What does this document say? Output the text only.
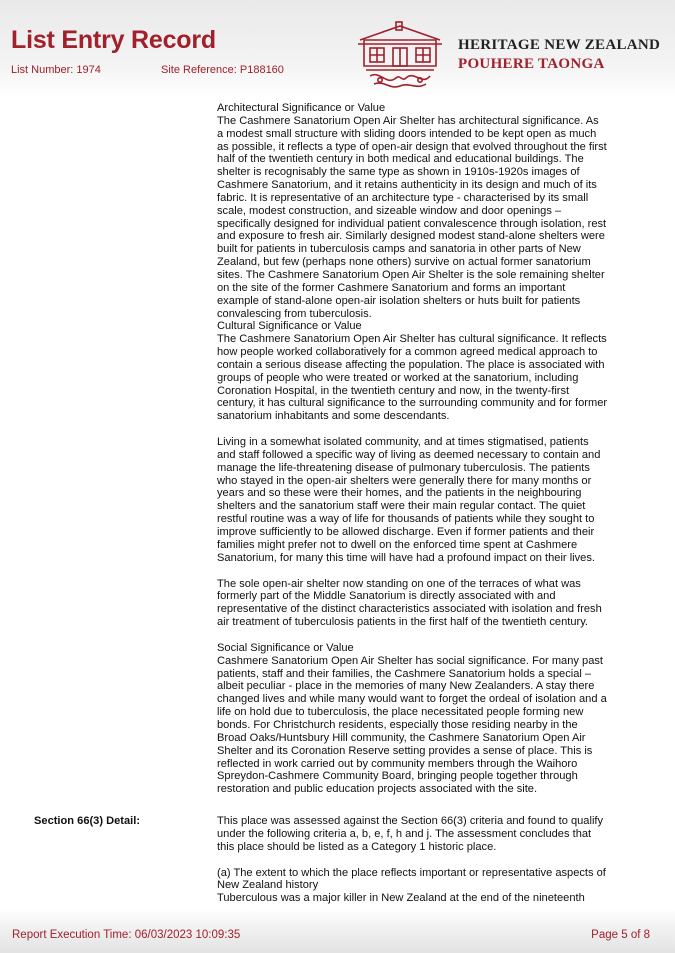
List Entry Record
List Number: 1974	Site Reference: P188160
HERITAGE NEW ZEALAND
POUHERE TAONGA

Architectural Significance or Value

The Cashmere Sanatorium Open Air Shelter has architectural significance. As
a modest small structure with sliding doors intended to be kept open as much
as possible, it reflects a type of open-air design that evolved throughout the first
half of the twentieth century in both medical and educational buildings. The
shelter is recognisably the same type as shown in 1910s-1920s images of
Cashmere Sanatorium, and it retains authenticity in its design and much of its
fabric. It is representative of an architecture type - characterised by its small
scale, modest construction, and sizeable window and door openings –
specifically designed for individual patient convalescence through isolation, rest
and exposure to fresh air. Similarly designed modest stand-alone shelters were
built for patients in tuberculosis camps and sanatoria in other parts of New
Zealand, but few (perhaps none others) survive on actual former sanatorium
sites. The Cashmere Sanatorium Open Air Shelter is the sole remaining shelter
on the site of the former Cashmere Sanatorium and forms an important
example of stand-alone open-air isolation shelters or huts built for patients
convalescing from tuberculosis.

Cultural Significance or Value

The Cashmere Sanatorium Open Air Shelter has cultural significance. It reflects
how people worked collaboratively for a common agreed medical approach to
contain a serious disease affecting the population. The place is associated with
groups of people who were treated or worked at the sanatorium, including
Coronation Hospital, in the twentieth century and now, in the twenty-first
century, it has cultural significance to the surrounding community and for former
sanatorium inhabitants and some descendants.
Living in a somewhat isolated community, and at times stigmatised, patients
and staff followed a specific way of living as deemed necessary to contain and
manage the life-threatening disease of pulmonary tuberculosis. The patients
who stayed in the open-air shelters were generally there for many months or
years and so these were their homes, and the patients in the neighbouring
shelters and the sanatorium staff were their main regular contact. The quiet
restful routine was a way of life for thousands of patients while they sought to
improve sufficiently to be allowed discharge. Even if former patients and their
families might prefer not to dwell on the enforced time spent at Cashmere
Sanatorium, for many this time will have had a profound impact on their lives.
The sole open-air shelter now standing on one of the terraces of what was
formerly part of the Middle Sanatorium is directly associated with and
representative of the distinct characteristics associated with isolation and fresh
air treatment of tuberculosis patients in the first half of the twentieth century.

Social Significance or Value

Cashmere Sanatorium Open Air Shelter has social significance. For many past
patients, staff and their families, the Cashmere Sanatorium holds a special –
albeit peculiar - place in the memories of many New Zealanders. A stay there
changed lives and while many would want to forget the ordeal of isolation and a
life on hold due to tuberculosis, the place necessitated people forming new
bonds. For Christchurch residents, especially those residing nearby in the
Broad Oaks/Huntsbury Hill community, the Cashmere Sanatorium Open Air
Shelter and its Coronation Reserve setting provides a sense of place. This is
reflected in work carried out by community members through the Waihoro
Spreydon-Cashmere Community Board, bringing people together through
restoration and public education projects associated with the site.
Section 66(3) Detail:	This place was assessed against the Section 66(3) criteria and found to qualify
under the following criteria a, b, e, f, h and j. The assessment concludes that
this place should be listed as a Category 1 historic place.
(a) The extent to which the place reflects important or representative aspects of
New Zealand history
Tuberculous was a major killer in New Zealand at the end of the nineteenth
Report Execution Time: 06/03/2023 10:09:35	Page 5 of 8
